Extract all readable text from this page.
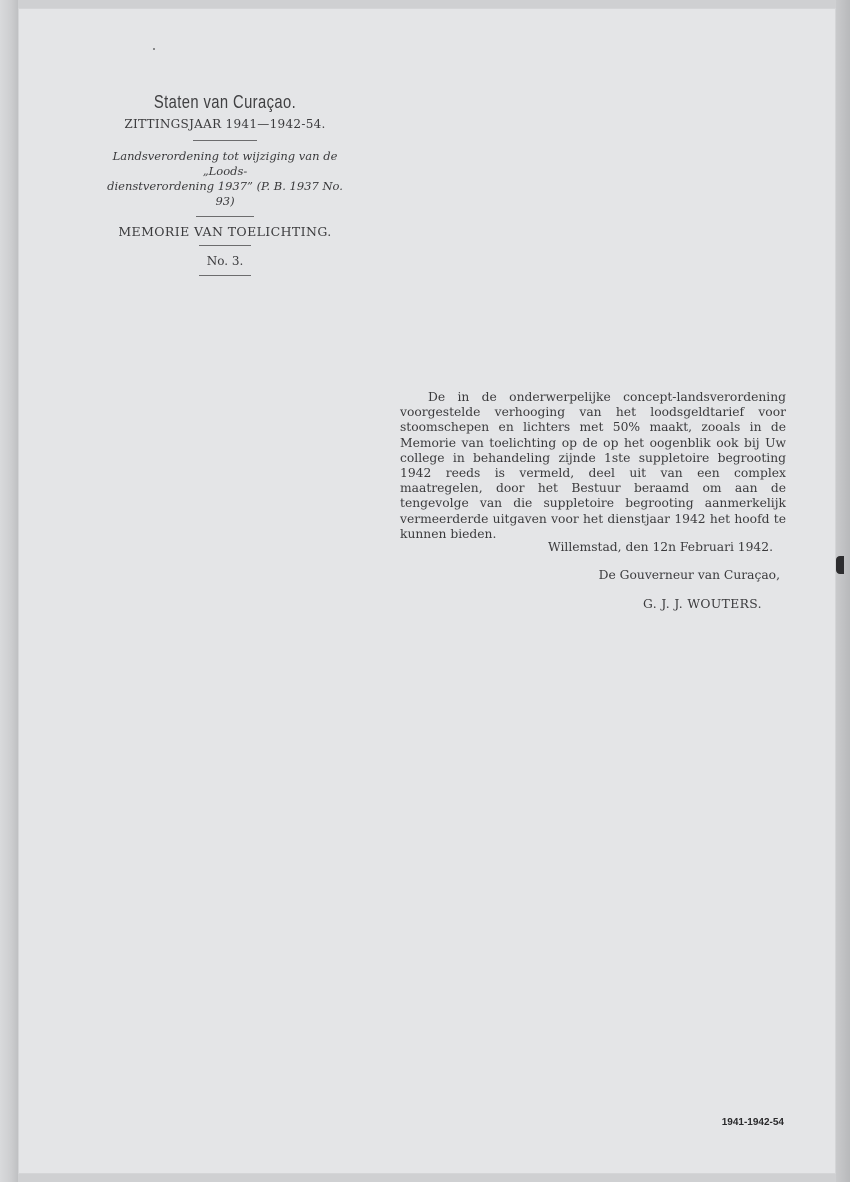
Staten van Curaçao.
ZITTINGSJAAR 1941—1942-54.
Landsverordening tot wijziging van de „Loods-
dienstverordening 1937” (P. B. 1937 No. 93)
MEMORIE VAN TOELICHTING.
No. 3.

De in de onderwerpelijke concept-landsverordening voorgestelde verhooging van het loodsgeldtarief voor stoomschepen en lichters met 50% maakt, zooals in de Memorie van toelichting op de op het oogenblik ook bij Uw college in behandeling zijnde 1ste suppletoire begrooting 1942 reeds is vermeld, deel uit van een complex maatregelen, door het Bestuur beraamd om aan de tengevolge van die suppletoire begrooting aanmerkelijk vermeerderde uitgaven voor het dienstjaar 1942 het hoofd te kunnen bieden.

Willemstad, den 12n Februari 1942.
De Gouverneur van Curaçao,
G. J. J. WOUTERS.
1941-1942-54
